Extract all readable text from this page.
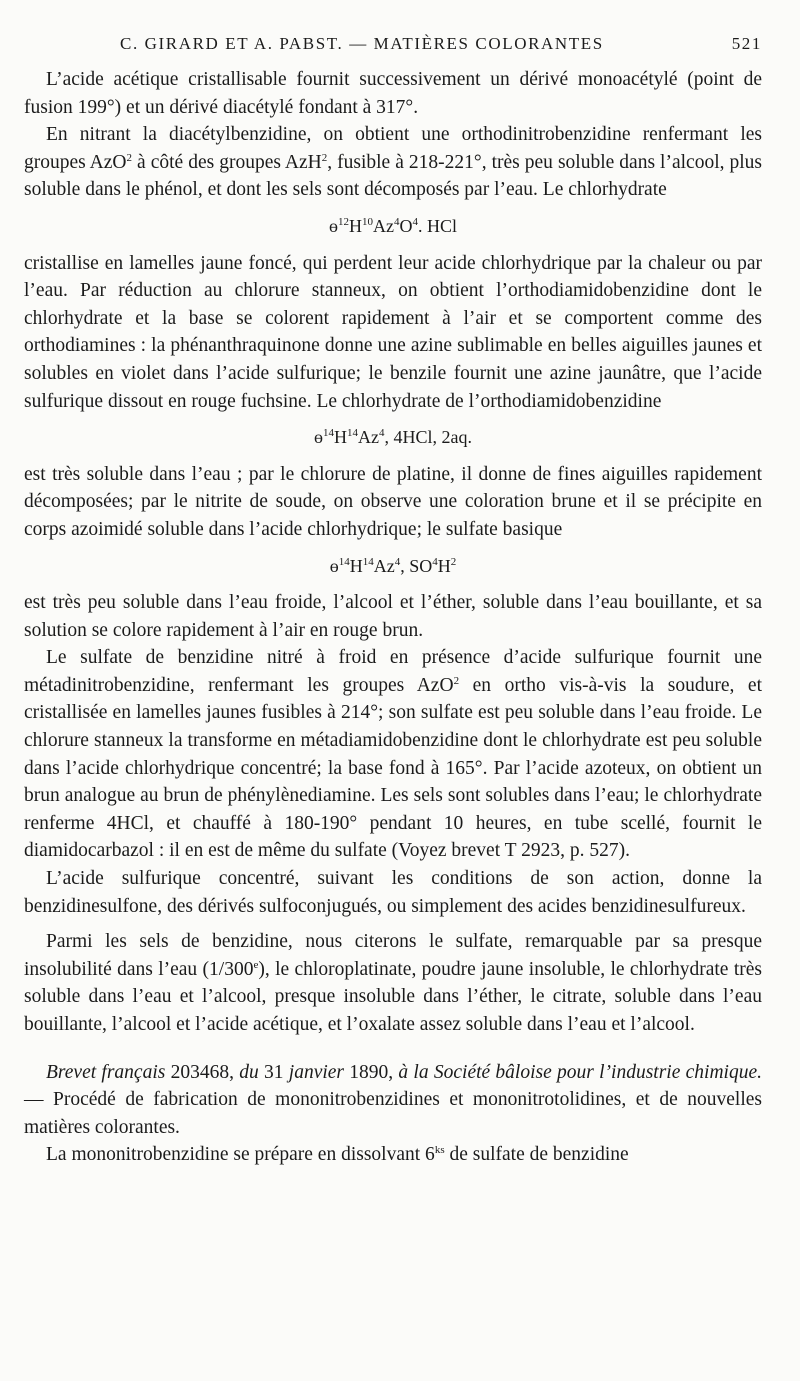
C. GIRARD ET A. PABST. — MATIÈRES COLORANTES	521

L’acide acétique cristallisable fournit successivement un dérivé monoacétylé (point de fusion 199°) et un dérivé diacétylé fondant à 317°.

En nitrant la diacétylbenzidine, on obtient une orthodinitrobenzidine renfermant les groupes AzO$^2$ à côté des groupes AzH$^2$, fusible à 218-221°, très peu soluble dans l’alcool, plus soluble dans le phénol, et dont les sels sont décomposés par l’eau. Le chlorhydrate

$ɵ^{12}H^{10}Az^4O^4$. HCl

cristallise en lamelles jaune foncé, qui perdent leur acide chlorhydrique par la chaleur ou par l’eau. Par réduction au chlorure stanneux, on obtient l’orthodiamidobenzidine dont le chlorhydrate et la base se colorent rapidement à l’air et se comportent comme des orthodiamines : la phénanthraquinone donne une azine sublimable en belles aiguilles jaunes et solubles en violet dans l’acide sulfurique; le benzile fournit une azine jaunâtre, que l’acide sulfurique dissout en rouge fuchsine. Le chlorhydrate de l’orthodiamidobenzidine

$ɵ^{14}H^{14}Az^4$, 4HCl, 2aq.

est très soluble dans l’eau ; par le chlorure de platine, il donne de fines aiguilles rapidement décomposées; par le nitrite de soude, on observe une coloration brune et il se précipite en corps azoimidé soluble dans l’acide chlorhydrique; le sulfate basique

$ɵ^{14}H^{14}Az^4$, $SO^4H^2$

est très peu soluble dans l’eau froide, l’alcool et l’éther, soluble dans l’eau bouillante, et sa solution se colore rapidement à l’air en rouge brun.

Le sulfate de benzidine nitré à froid en présence d’acide sulfurique fournit une métadinitrobenzidine, renfermant les groupes AzO$^2$ en ortho vis-à-vis la soudure, et cristallisée en lamelles jaunes fusibles à 214°; son sulfate est peu soluble dans l’eau froide. Le chlorure stanneux la transforme en métadiamidobenzidine dont le chlorhydrate est peu soluble dans l’acide chlorhydrique concentré; la base fond à 165°. Par l’acide azoteux, on obtient un brun analogue au brun de phénylènediamine. Les sels sont solubles dans l’eau; le chlorhydrate renferme 4HCl, et chauffé à 180-190° pendant 10 heures, en tube scellé, fournit le diamidocarbazol : il en est de même du sulfate (Voyez brevet T 2923, p. 527).

L’acide sulfurique concentré, suivant les conditions de son action, donne la benzidinesulfone, des dérivés sulfoconjugués, ou simplement des acides benzidinesulfureux.

Parmi les sels de benzidine, nous citerons le sulfate, remarquable par sa presque insolubilité dans l’eau (1/300e), le chloroplatinate, poudre jaune insoluble, le chlorhydrate très soluble dans l’eau et l’alcool, presque insoluble dans l’éther, le citrate, soluble dans l’eau bouillante, l’alcool et l’acide acétique, et l’oxalate assez soluble dans l’eau et l’alcool.

Brevet français 203468, du 31 janvier 1890, à la Société bâloise pour l’industrie chimique. — Procédé de fabrication de mononitrobenzidines et mononitrotolidines, et de nouvelles matières colorantes.

La mononitrobenzidine se prépare en dissolvant $6^{ks}$ de sulfate de benzidine
